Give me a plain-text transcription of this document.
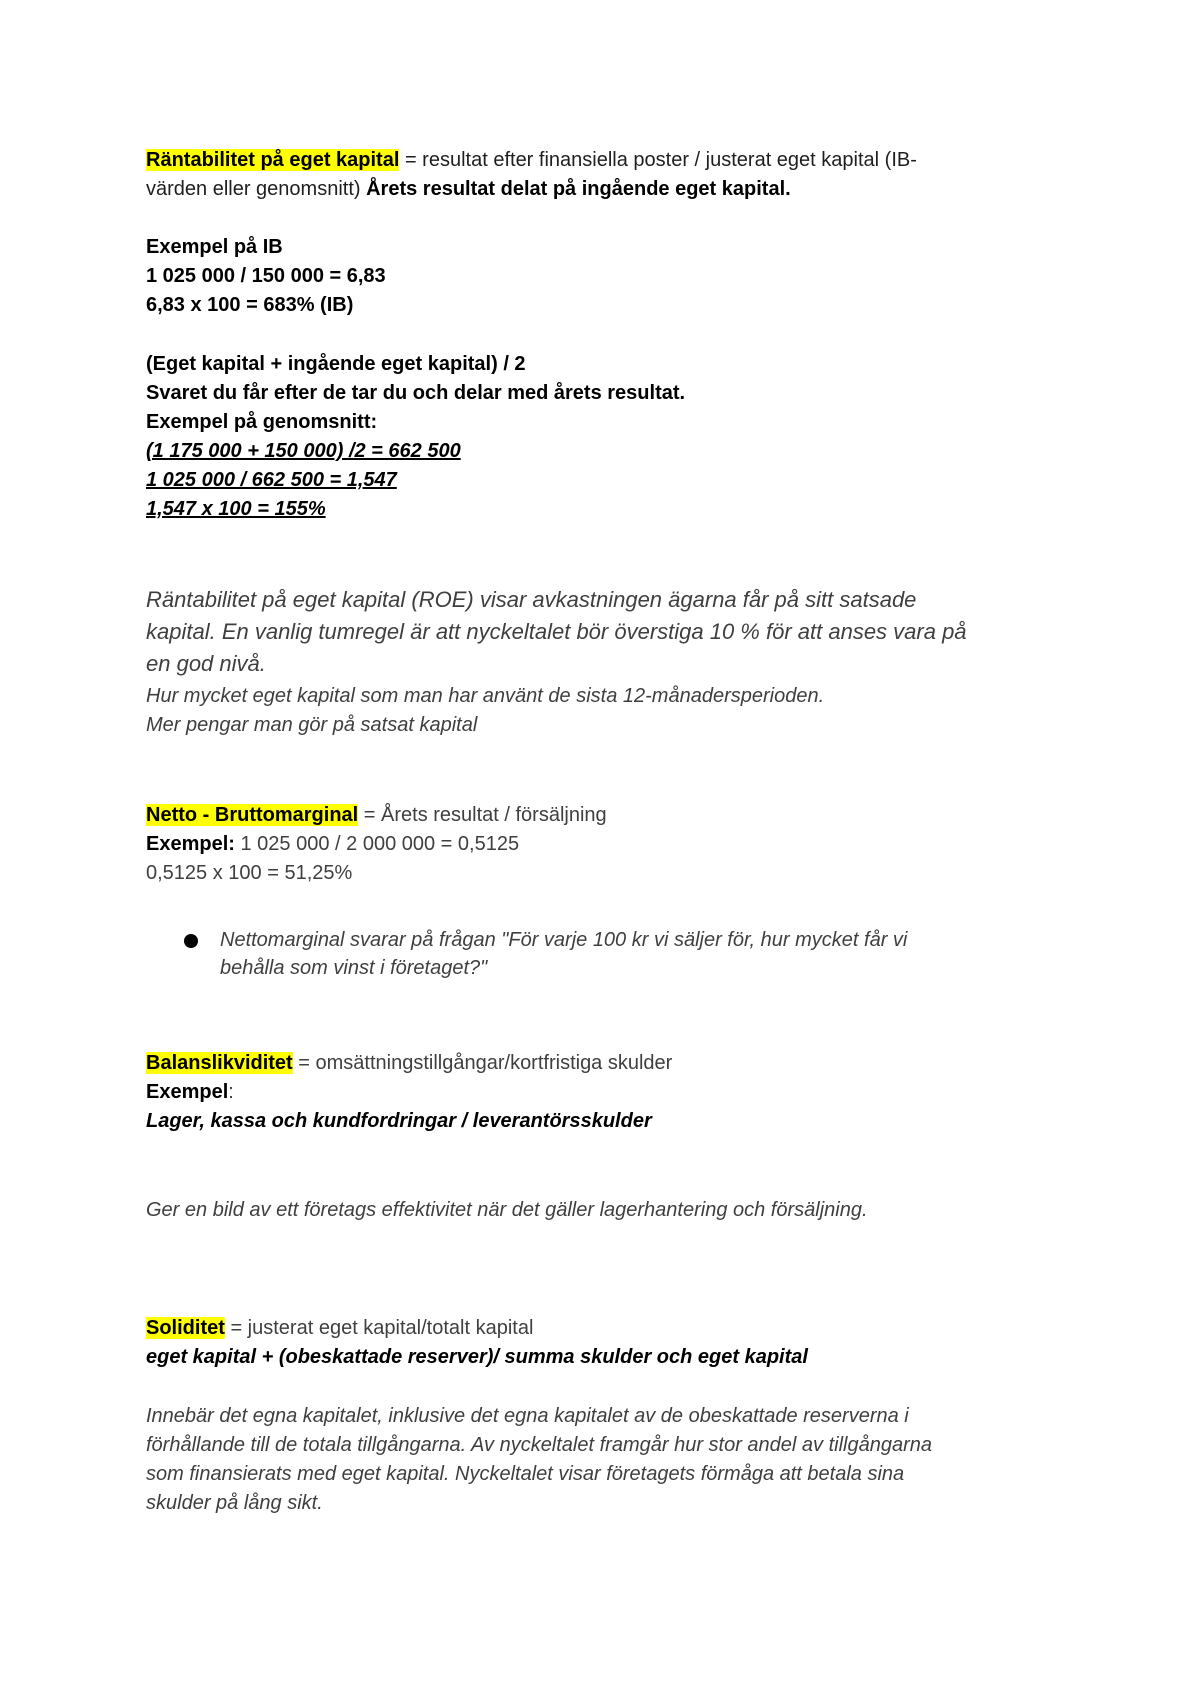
Räntabilitet på eget kapital = resultat efter finansiella poster / justerat eget kapital (IB-
värden eller genomsnitt) Årets resultat delat på ingående eget kapital.
Exempel på IB
1 025 000 / 150 000 = 6,83
6,83 x 100 = 683% (IB)
(Eget kapital + ingående eget kapital) / 2
Svaret du får efter de tar du och delar med årets resultat.
Exempel på genomsnitt:
(1 175 000 + 150 000) /2 = 662 500
1 025 000 / 662 500 = 1,547
1,547 x 100 = 155%
Räntabilitet på eget kapital (ROE) visar avkastningen ägarna får på sitt satsade
kapital. En vanlig tumregel är att nyckeltalet bör överstiga 10 % för att anses vara på
en god nivå.
Hur mycket eget kapital som man har använt de sista 12-månadersperioden.
Mer pengar man gör på satsat kapital
Netto - Bruttomarginal = Årets resultat / försäljning
Exempel: 1 025 000 / 2 000 000 = 0,5125
0,5125 x 100 = 51,25%
Nettomarginal svarar på frågan "För varje 100 kr vi säljer för, hur mycket får vi
behålla som vinst i företaget?"
Balanslikviditet = omsättningstillgångar/kortfristiga skulder
Exempel:
Lager, kassa och kundfordringar / leverantörsskulder
Ger en bild av ett företags effektivitet när det gäller lagerhantering och försäljning.
Soliditet = justerat eget kapital/totalt kapital
eget kapital + (obeskattade reserver)/ summa skulder och eget kapital
Innebär det egna kapitalet, inklusive det egna kapitalet av de obeskattade reserverna i
förhållande till de totala tillgångarna. Av nyckeltalet framgår hur stor andel av tillgångarna
som finansierats med eget kapital. Nyckeltalet visar företagets förmåga att betala sina
skulder på lång sikt.
